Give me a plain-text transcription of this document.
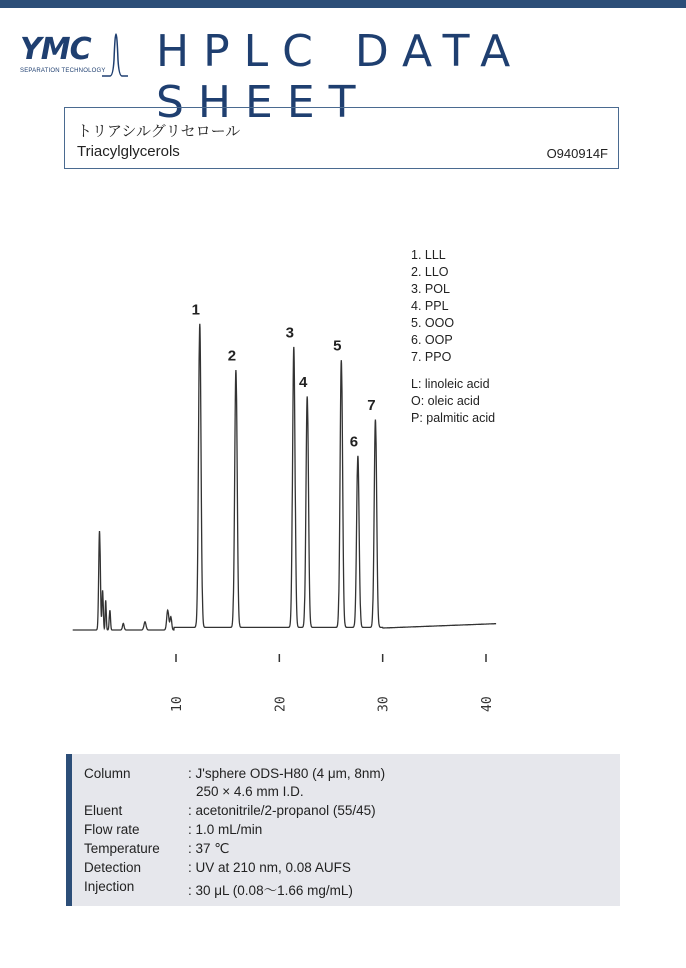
YMC
SEPARATION TECHNOLOGY HPLC DATA SHEET
トリアシルグリセロール
Triacylglycerols	O940914F
1
2
3
4
5
6
7
10	20	30	40
1. LLL
2. LLO
3. POL
4. PPL
5. OOO
6. OOP
7. PPO
L: linoleic acid
O: oleic acid
P: palmitic acid
Column	: J'sphere ODS-H80 (4 μm, 8nm)
250 × 4.6 mm I.D.
Eluent	: acetonitrile/2-propanol (55/45)
Flow rate	: 1.0 mL/min
Temperature	: 37 ℃
Detection	: UV at 210 nm, 0.08 AUFS
Injection	: 30 μL (0.08〜1.66 mg/mL)
